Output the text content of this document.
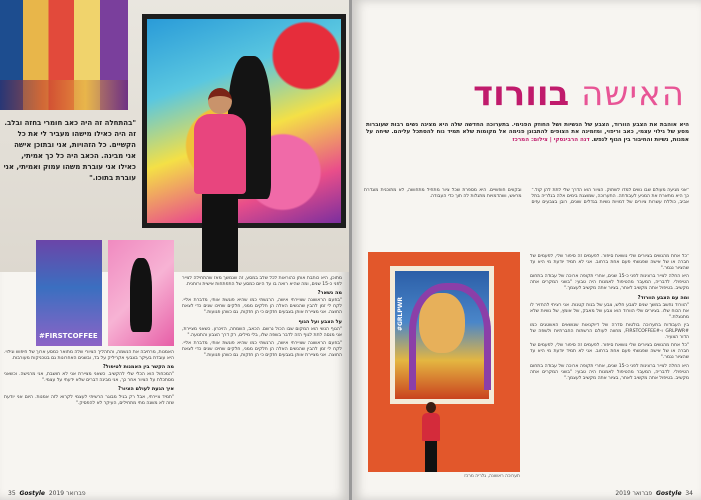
"בהתחלה זה היה כאב חומרי בחזה ובלב. זה היה כאילו מישהו מעביר לי את כל הקשיים. כל הזהויות, אני ובתוכן אישה אני מבינה. הכאב היה כל כך אמיתי, כאילו אני עוברת משהו עמוק ואמיתי, אני עוברת בתוכו."
#FIRSTCOFFEE

מתוכן, היא כותבת אותן כהוראות לכל שלב במסע, זה שנמשך מאז שהתחילה לצייר לפני כ-15 שנים, ומה שהיא רואה בו עד היום כמסע של התפתחות אישית ורוחנית.

מה נשאר?

"בפעם הראשונה שציירתי אישה, הרגשתי כמו שהיא פוגשת אותי, מדברת אליי. לקח לי זמן להבין שהנשים האלה הן חלקים ממני, חלקים שחיכו שנים כדי לצאת החוצה. אני מציירת אותן בצבעים חזקים כי הן חזקות, גם כשהן פגועות."

על הצבע ועל הגוף

"הגוף הנשי הוא המקום שבו הכול נרשם. הכאב, השמחה, הזיכרון. כשאני מציירת, אני מנסה לתת לגוף הזה לדבר בשפה שלו, בלי מילים, רק דרך הצבע והתנועה."

"בפעם הראשונה שציירתי אישה, הרגשתי כמו שהיא פוגשת אותי, מדברת אליי. לקח לי זמן להבין שהנשים האלה הן חלקים ממני, חלקים שחיכו שנים כדי לצאת החוצה. אני מציירת אותן בצבעים חזקים כי הן חזקות, גם כשהן פגועות."

האמנות, מרחיבה את הנשמה, והתהליך הציורי שלה מתואר כמסע ארוך של חיפוש וגילוי. היא עובדת בעיקר בצבעי אקריליק על בד, ובשנים האחרונות גם בטכניקות מעורבות.

מה הקשר בין האמנות לטיפול?

"המכחול הוא הכלי שלי להקשיב. כשאני מציירת אני לא חושבת, אני מרגישה. וכשאני מסתכלת על הציור אחר כך, אני מבינה דברים שלא ידעתי על עצמי."

איך הגעת לעולם הציור?

"תמיד ציירתי, אבל רק בגיל מבוגר הרשיתי לעצמי לקרוא לזה אמנות. היום אני יודעת שזה לא משנה מתי מתחילים, העיקר לא להפסיק."

35 Gostyle פברואר 2019
האישה בוורוד
היא אוהבת את הצבע הוורוד, הצבע של הנשיות ושל החוזק הפנימי. בתערוכה החדשה שלה היא מציגה נשים רבות שעוברות מסע של גילוי עצמי, כאב וריפוי, ומזמינה את הצופים להתבונן פנימה אל מקומות שלא תמיד נוח להסתכל עליהם. שיחה על אמנות, נשיות והחיבור בין הגוף לנפש. דנה הרבינסקי | צילום: המרכז

"אני מגיעה מעולם שבו נשים למדו לשתוק. הציור הוא הדרך שלי לתת להן קול." כך היא מתארת את המניע לעבודתה. התערוכה, שמוצגת בימים אלה בגלריה בתל אביב, כוללת עשרות ציורים של דמויות נשיות בגדלים שונים, רובן בצבעים עזים ובקווים חופשיים. היא מספרת שכל ציור מתחיל מתחושה, לא מתוכנית מוגדרת מראש, ושהדמויות מתגלות לה תוך כדי העבודה.

#GRLPWR
תערוכה ראשונה, גלריה מרכז

"כל אחת מהנשים בציורים שלי נושאת סיפור. לפעמים זה סיפור שלי, לפעמים של חברה או של אישה שפגשתי פעם אחת ברחוב. אני לא תמיד יודעת מי היא עד שהציור נגמר."

היא החלה לצייר ברצינות לפני כ-15 שנים, אחרי תקופה ארוכה של עבודה בתחום הטיפולי. לדבריה, המעבר מהטיפול לאמנות היה טבעי: "בשני המקרים אתה מקשיב. בטיפול אתה מקשיב לאחר, בציור אתה מקשיב לעצמך."

ומה עם הצבע הוורוד?

"הוורוד נחשב במשך שנים לצבע חלש, צבע של בנות קטנות. אני רציתי להחזיר לו את הכוח שלו. בציורים שלי הוורוד הוא צבע של מאבק, של אומץ, של נשיות שלא מתנצלת."

בין העבודות בתערוכה בולטות סדרה של דיוקנאות שנושאים האשטגים כמו #GRLPWR ו-#FIRSTCOFFEE, מחווה לעולם הרשתות החברתיות ולשפה של הדור הצעיר.

"כל אחת מהנשים בציורים שלי נושאת סיפור. לפעמים זה סיפור שלי, לפעמים של חברה או של אישה שפגשתי פעם אחת ברחוב. אני לא תמיד יודעת מי היא עד שהציור נגמר."

היא החלה לצייר ברצינות לפני כ-15 שנים, אחרי תקופה ארוכה של עבודה בתחום הטיפולי. לדבריה, המעבר מהטיפול לאמנות היה טבעי: "בשני המקרים אתה מקשיב. בטיפול אתה מקשיב לאחר, בציור אתה מקשיב לעצמך."

פברואר 2019 Gostyle 34
